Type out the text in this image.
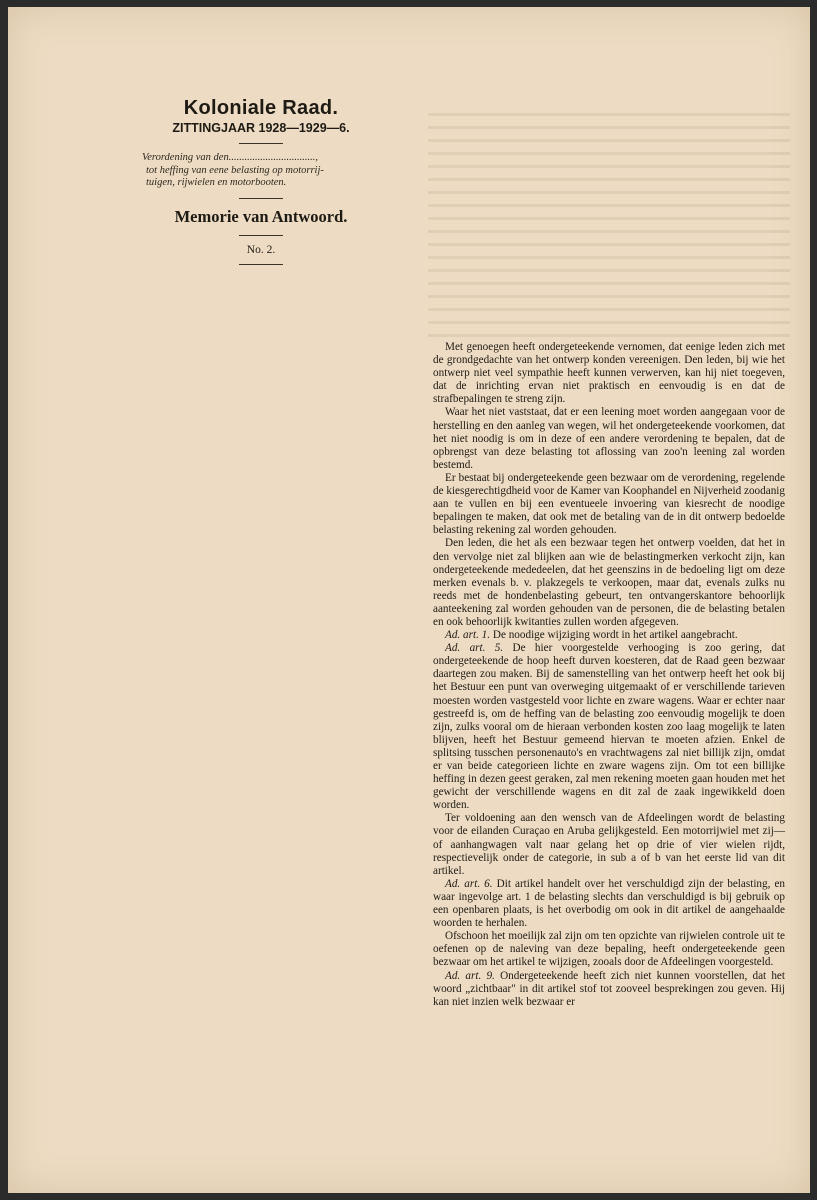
Koloniale Raad.
ZITTINGJAAR 1928—1929—6.
Verordening van den.................................,
tot heffing van eene belasting op motorrij-
tuigen, rijwielen en motorbooten.
Memorie van Antwoord.
No. 2.

Met genoegen heeft ondergeteekende vernomen, dat eenige leden zich met de grondgedachte van het ontwerp konden vereenigen. Den leden, bij wie het ontwerp niet veel sympathie heeft kunnen verwerven, kan hij niet toegeven, dat de inrichting ervan niet praktisch en eenvoudig is en dat de strafbepalingen te streng zijn.

Waar het niet vaststaat, dat er een leening moet worden aangegaan voor de herstelling en den aanleg van wegen, wil het ondergeteekende voorkomen, dat het niet noodig is om in deze of een andere verordening te bepalen, dat de opbrengst van deze belasting tot aflossing van zoo'n leening zal worden bestemd.

Er bestaat bij ondergeteekende geen bezwaar om de verordening, regelende de kiesgerechtigdheid voor de Kamer van Koophandel en Nijverheid zoodanig aan te vullen en bij een eventueele invoering van kiesrecht de noodige bepalingen te maken, dat ook met de betaling van de in dit ontwerp bedoelde belasting rekening zal worden gehouden.

Den leden, die het als een bezwaar tegen het ontwerp voelden, dat het in den vervolge niet zal blijken aan wie de belastingmerken verkocht zijn, kan ondergeteekende mededeelen, dat het geenszins in de bedoeling ligt om deze merken evenals b. v. plakzegels te verkoopen, maar dat, evenals zulks nu reeds met de hondenbelasting gebeurt, ten ontvangerskantore behoorlijk aanteekening zal worden gehouden van de personen, die de belasting betalen en ook behoorlijk kwitanties zullen worden afgegeven.

Ad. art. 1. De noodige wijziging wordt in het artikel aangebracht.

Ad. art. 5. De hier voorgestelde verhooging is zoo gering, dat ondergeteekende de hoop heeft durven koesteren, dat de Raad geen bezwaar daartegen zou maken. Bij de samenstelling van het ontwerp heeft het ook bij het Bestuur een punt van overweging uitgemaakt of er verschillende tarieven moesten worden vastgesteld voor lichte en zware wagens. Waar er echter naar gestreefd is, om de heffing van de belasting zoo eenvoudig mogelijk te doen zijn, zulks vooral om de hieraan verbonden kosten zoo laag mogelijk te laten blijven, heeft het Bestuur gemeend hiervan te moeten afzien. Enkel de splitsing tusschen personenauto's en vrachtwagens zal niet billijk zijn, omdat er van beide categorieen lichte en zware wagens zijn. Om tot een billijke heffing in dezen geest geraken, zal men rekening moeten gaan houden met het gewicht der verschillende wagens en dit zal de zaak ingewikkeld doen worden.

Ter voldoening aan den wensch van de Afdeelingen wordt de belasting voor de eilanden Curaçao en Aruba gelijkgesteld. Een motorrijwiel met zij— of aanhangwagen valt naar gelang het op drie of vier wielen rijdt, respectievelijk onder de categorie, in sub a of b van het eerste lid van dit artikel.

Ad. art. 6. Dit artikel handelt over het verschuldigd zijn der belasting, en waar ingevolge art. 1 de belasting slechts dan verschuldigd is bij gebruik op een openbaren plaats, is het overbodig om ook in dit artikel de aangehaalde woorden te herhalen.

Ofschoon het moeilijk zal zijn om ten opzichte van rijwielen controle uit te oefenen op de naleving van deze bepaling, heeft ondergeteekende geen bezwaar om het artikel te wijzigen, zooals door de Afdeelingen voorgesteld.

Ad. art. 9. Ondergeteekende heeft zich niet kunnen voorstellen, dat het woord „zichtbaar" in dit artikel stof tot zooveel besprekingen zou geven. Hij kan niet inzien welk bezwaar er
